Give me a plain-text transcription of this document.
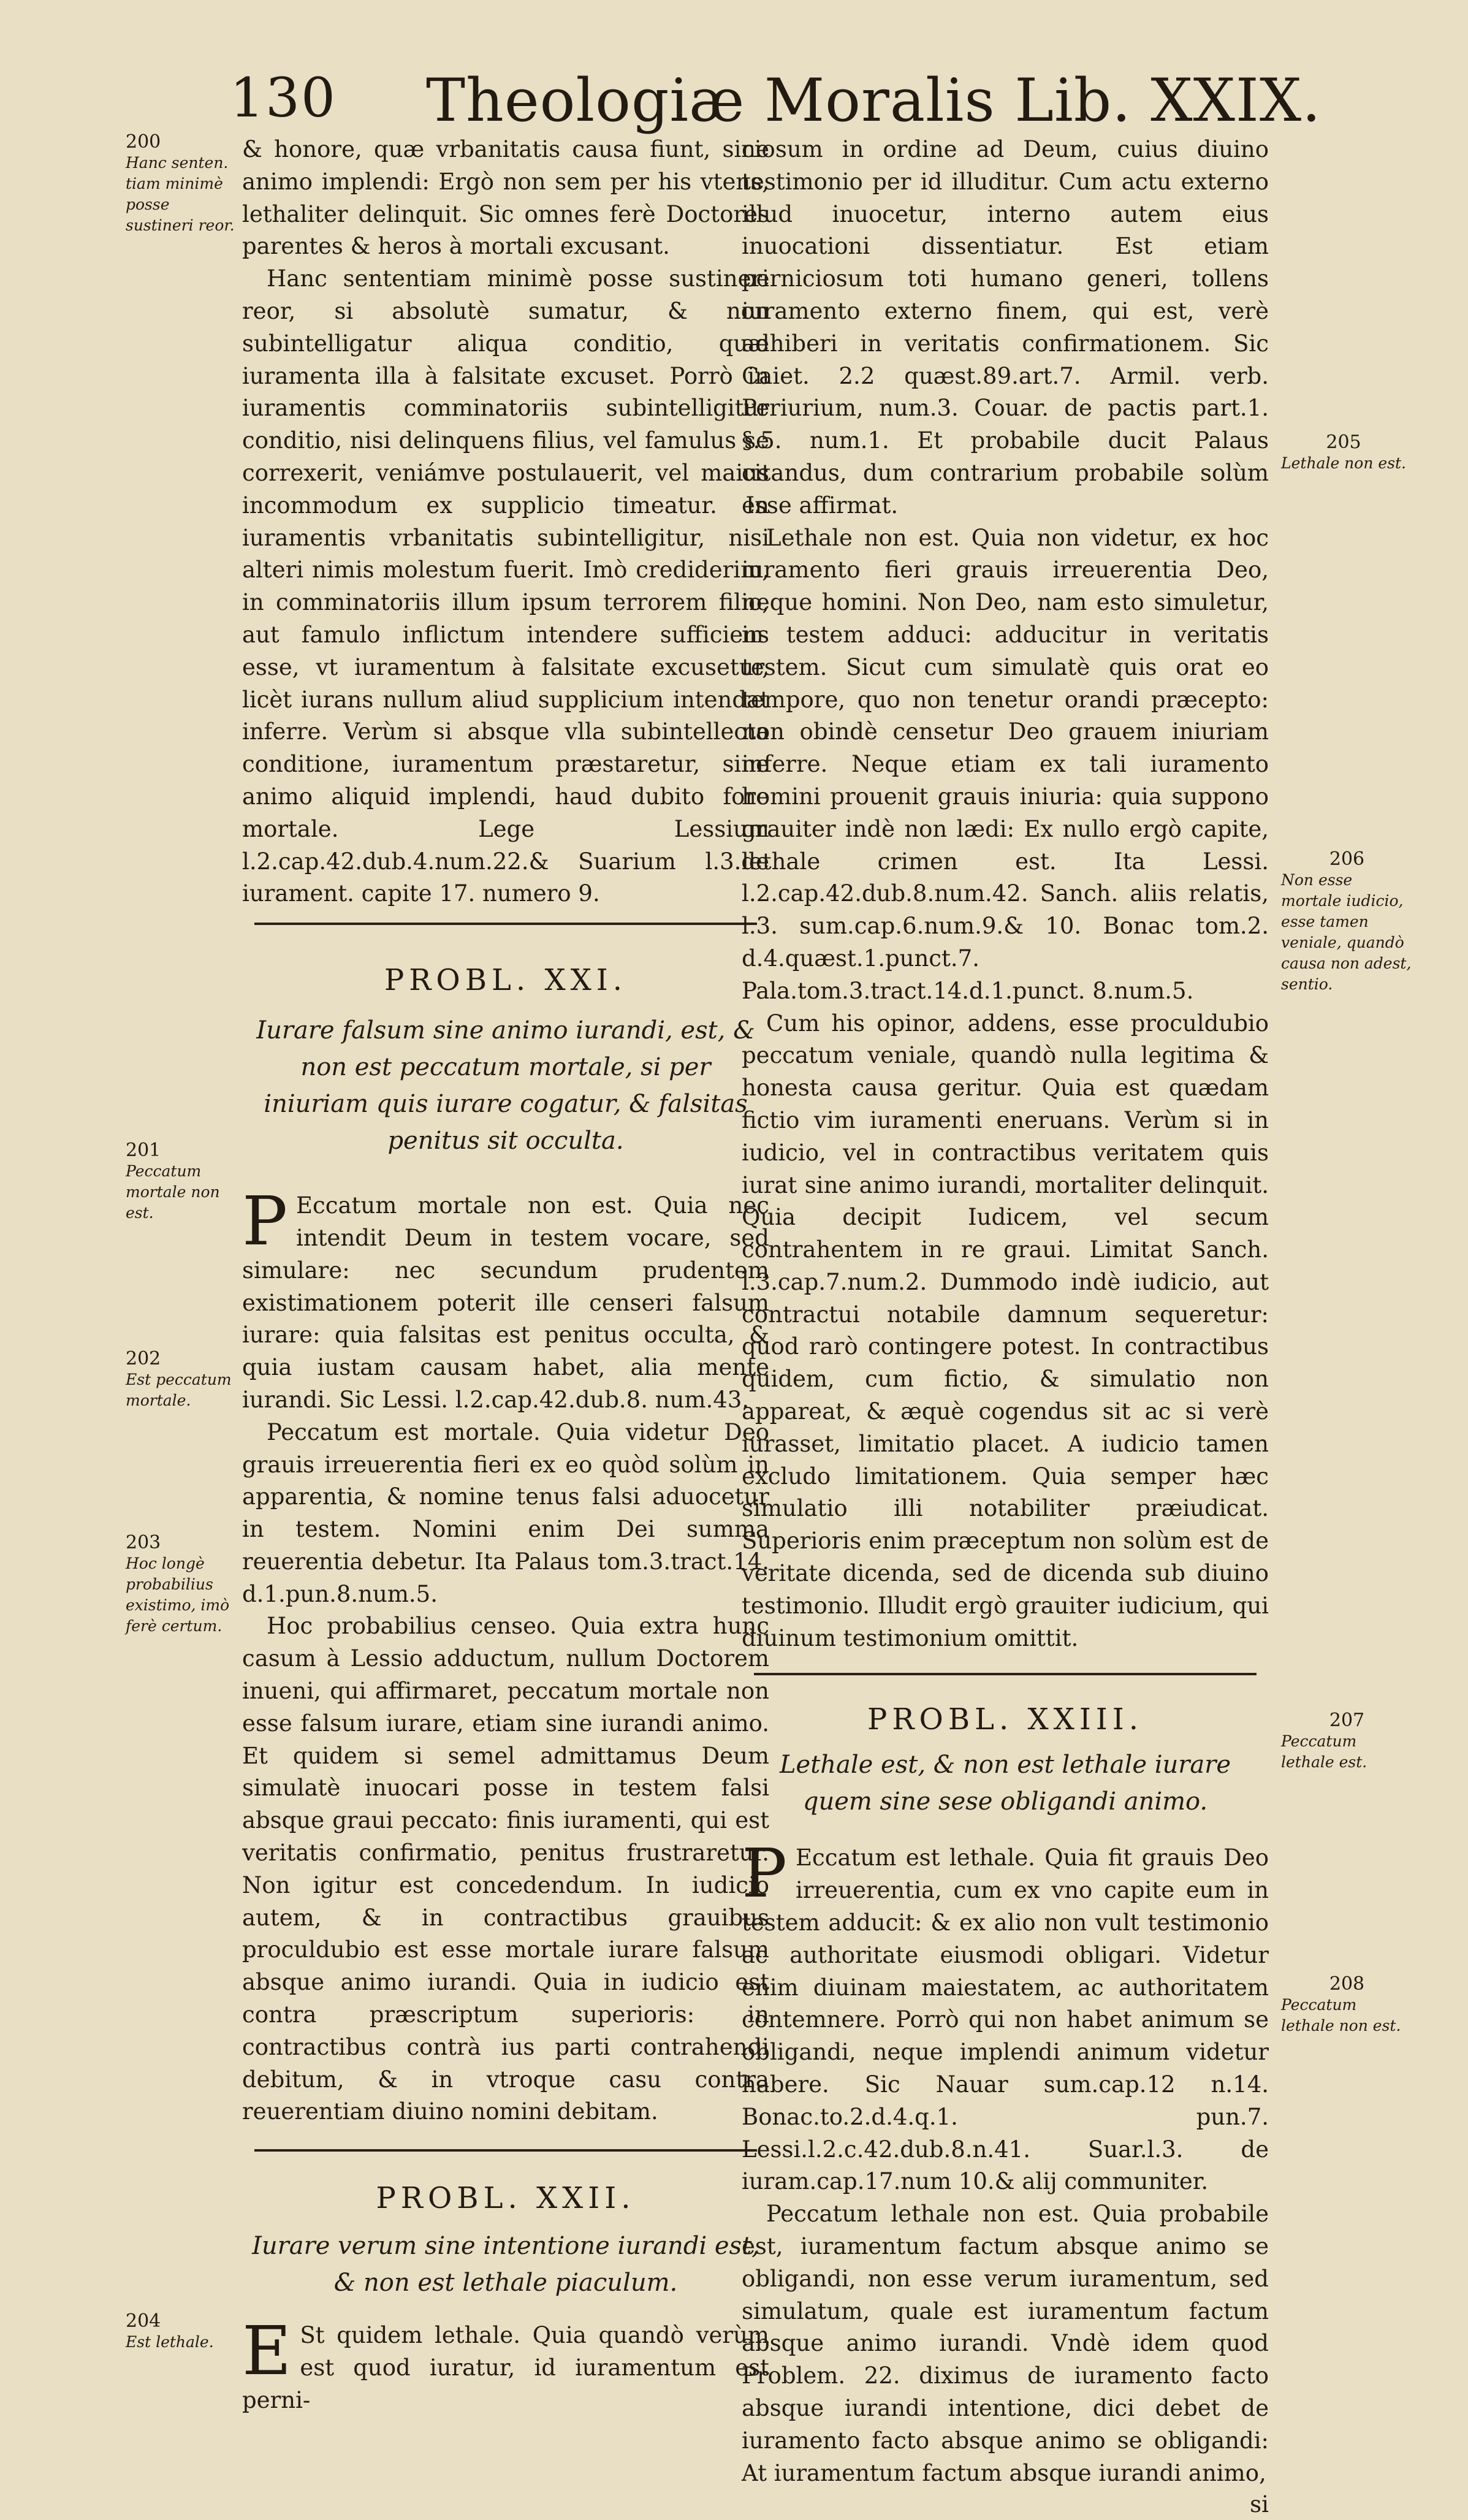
130 Theologiæ Moralis Lib. XXIX.
200
Hanc senten. tiam minimè posse sustineri reor.
201
Peccatum mortale non est.
202
Est peccatum mortale.
203
Hoc longè probabilius existimo, imò ferè certum.
204
Est lethale.

& honore, quæ vrbanitatis causa fiunt, sine animo implendi: Ergò non sem per his vtens, lethaliter delinquit. Sic omnes ferè Doctores parentes & heros à mortali excusant.

Hanc sententiam minimè posse sustineri reor, si absolutè sumatur, & non subintelligatur aliqua conditio, quæ iuramenta illa à falsitate excuset. Porrò in iuramentis comminatoriis subintelligitur conditio, nisi delinquens filius, vel famulus se correxerit, veniámve postulauerit, vel maius incommodum ex supplicio timeatur. In iuramentis vrbanitatis subintelligitur, nisi alteri nimis molestum fuerit. Imò crediderim, in comminatoriis illum ipsum terrorem filio, aut famulo inflictum intendere sufficiens esse, vt iuramentum à falsitate excusetur, licèt iurans nullum aliud supplicium intendat inferre. Verùm si absque vlla subintellecta conditione, iuramentum præstaretur, sine animo aliquid implendi, haud dubito fore mortale. Lege Lessium l.2.cap.42.dub.4.num.22.& Suarium l.3.de iurament. capite 17. numero 9.

PROBL. XXI.
Iurare falsum sine animo iurandi, est, & non est peccatum mortale, si per iniuriam quis iurare cogatur, & falsitas penitus sit occulta.

P Eccatum mortale non est. Quia nec intendit Deum in testem vocare, sed simulare: nec secundum prudentem existimationem poterit ille censeri falsum iurare: quia falsitas est penitus occulta, & quia iustam causam habet, alia mente iurandi. Sic Lessi. l.2.cap.42.dub.8. num.43.

Peccatum est mortale. Quia videtur Deo grauis irreuerentia fieri ex eo quòd solùm in apparentia, & nomine tenus falsi aduocetur in testem. Nomini enim Dei summa reuerentia debetur. Ita Palaus tom.3.tract.14. d.1.pun.8.num.5.

Hoc probabilius censeo. Quia extra hunc casum à Lessio adductum, nullum Doctorem inueni, qui affirmaret, peccatum mortale non esse falsum iurare, etiam sine iurandi animo. Et quidem si semel admittamus Deum simulatè inuocari posse in testem falsi absque graui peccato: finis iuramenti, qui est veritatis confirmatio, penitus frustraretur. Non igitur est concedendum. In iudicio autem, & in contractibus grauibus proculdubio est esse mortale iurare falsum absque animo iurandi. Quia in iudicio est contra præscriptum superioris: in contractibus contrà ius parti contrahendi debitum, & in vtroque casu contra reuerentiam diuino nomini debitam.

PROBL. XXII.
Iurare verum sine intentione iurandi est, & non est lethale piaculum.

E St quidem lethale. Quia quandò verùm est quod iuratur, id iuramentum est perni-

ciosum in ordine ad Deum, cuius diuino testimonio per id illuditur. Cum actu externo illud inuocetur, interno autem eius inuocationi dissentiatur. Est etiam perniciosum toti humano generi, tollens iuramento externo finem, qui est, verè adhiberi in veritatis confirmationem. Sic Caiet. 2.2 quæst.89.art.7. Armil. verb. Periurium, num.3. Couar. de pactis part.1. §.5. num.1. Et probabile ducit Palaus citandus, dum contrarium probabile solùm esse affirmat.

Lethale non est. Quia non videtur, ex hoc iuramento fieri grauis irreuerentia Deo, neque homini. Non Deo, nam esto simuletur, in testem adduci: adducitur in veritatis testem. Sicut cum simulatè quis orat eo tempore, quo non tenetur orandi præcepto: non obindè censetur Deo grauem iniuriam inferre. Neque etiam ex tali iuramento homini prouenit grauis iniuria: quia suppono grauiter indè non lædi: Ex nullo ergò capite, lethale crimen est. Ita Lessi. l.2.cap.42.dub.8.num.42. Sanch. aliis relatis, l.3. sum.cap.6.num.9.& 10. Bonac tom.2. d.4.quæst.1.punct.7. Pala.tom.3.tract.14.d.1.punct. 8.num.5.

Cum his opinor, addens, esse proculdubio peccatum veniale, quandò nulla legitima & honesta causa geritur. Quia est quædam fictio vim iuramenti eneruans. Verùm si in iudicio, vel in contractibus veritatem quis iurat sine animo iurandi, mortaliter delinquit. Quia decipit Iudicem, vel secum contrahentem in re graui. Limitat Sanch. l.3.cap.7.num.2. Dummodo indè iudicio, aut contractui notabile damnum sequeretur: quod rarò contingere potest. In contractibus quidem, cum fictio, & simulatio non appareat, & æquè cogendus sit ac si verè iurasset, limitatio placet. A iudicio tamen excludo limitationem. Quia semper hæc simulatio illi notabiliter præiudicat. Superioris enim præceptum non solùm est de veritate dicenda, sed de dicenda sub diuino testimonio. Illudit ergò grauiter iudicium, qui diuinum testimonium omittit.

PROBL. XXIII.
Lethale est, & non est lethale iurare quem sine sese obligandi animo.

P Eccatum est lethale. Quia fit grauis Deo irreuerentia, cum ex vno capite eum in testem adducit: & ex alio non vult testimonio ac authoritate eiusmodi obligari. Videtur enim diuinam maiestatem, ac authoritatem contemnere. Porrò qui non habet animum se obligandi, neque implendi animum videtur habere. Sic Nauar sum.cap.12 n.14. Bonac.to.2.d.4.q.1. pun.7. Lessi.l.2.c.42.dub.8.n.41. Suar.l.3. de iuram.cap.17.num 10.& alij communiter.

Peccatum lethale non est. Quia probabile est, iuramentum factum absque animo se obligandi, non esse verum iuramentum, sed simulatum, quale est iuramentum factum absque animo iurandi. Vndè idem quod Problem. 22. diximus de iuramento facto absque iurandi intentione, dici debet de iuramento facto absque animo se obligandi: At iuramentum factum absque iurandi animo,

si
205
Lethale non est.
206
Non esse mortale iudicio, esse tamen veniale, quandò causa non adest, sentio.
207
Peccatum lethale est.
208
Peccatum lethale non est.
